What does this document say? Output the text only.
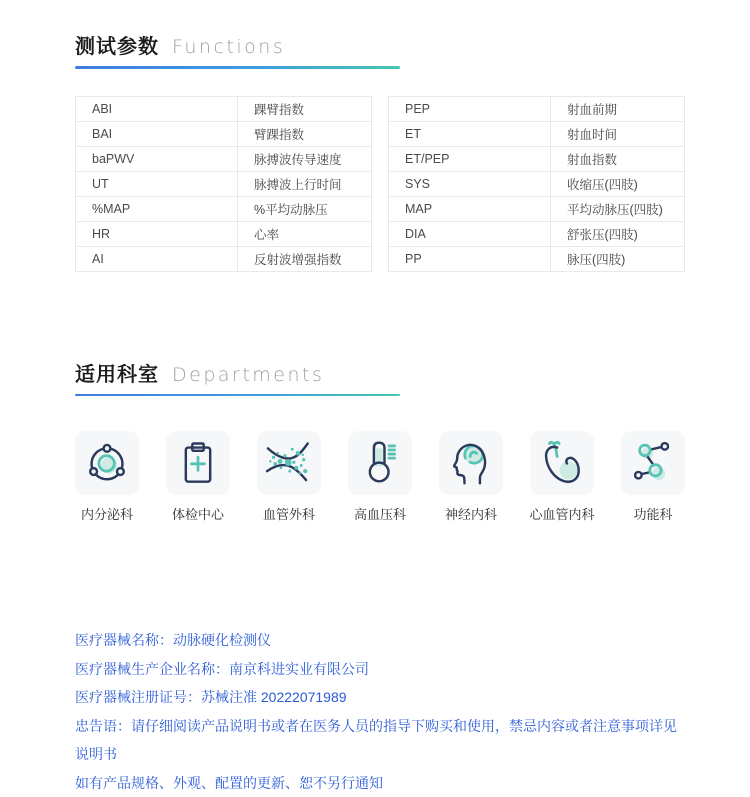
测试参数 Functions
ABI	踝臂指数
BAI	臂踝指数
baPWV	脉搏波传导速度
UT	脉搏波上行时间
%MAP	%平均动脉压
HR	心率
AI	反射波增强指数
PEP	射血前期
ET	射血时间
ET/PEP	射血指数
SYS	收缩压(四肢)
MAP	平均动脉压(四肢)
DIA	舒张压(四肢)
PP	脉压(四肢)
适用科室 Departments
内分泌科	体检中心	血管外科	高血压科	神经内科	心血管内科	功能科

医疗器械名称：动脉硬化检测仪

医疗器械生产企业名称：南京科进实业有限公司

医疗器械注册证号：苏械注准 20222071989

忠告语：请仔细阅读产品说明书或者在医务人员的指导下购买和使用，禁忌内容或者注意事项详见说明书

如有产品规格、外观、配置的更新、恕不另行通知
